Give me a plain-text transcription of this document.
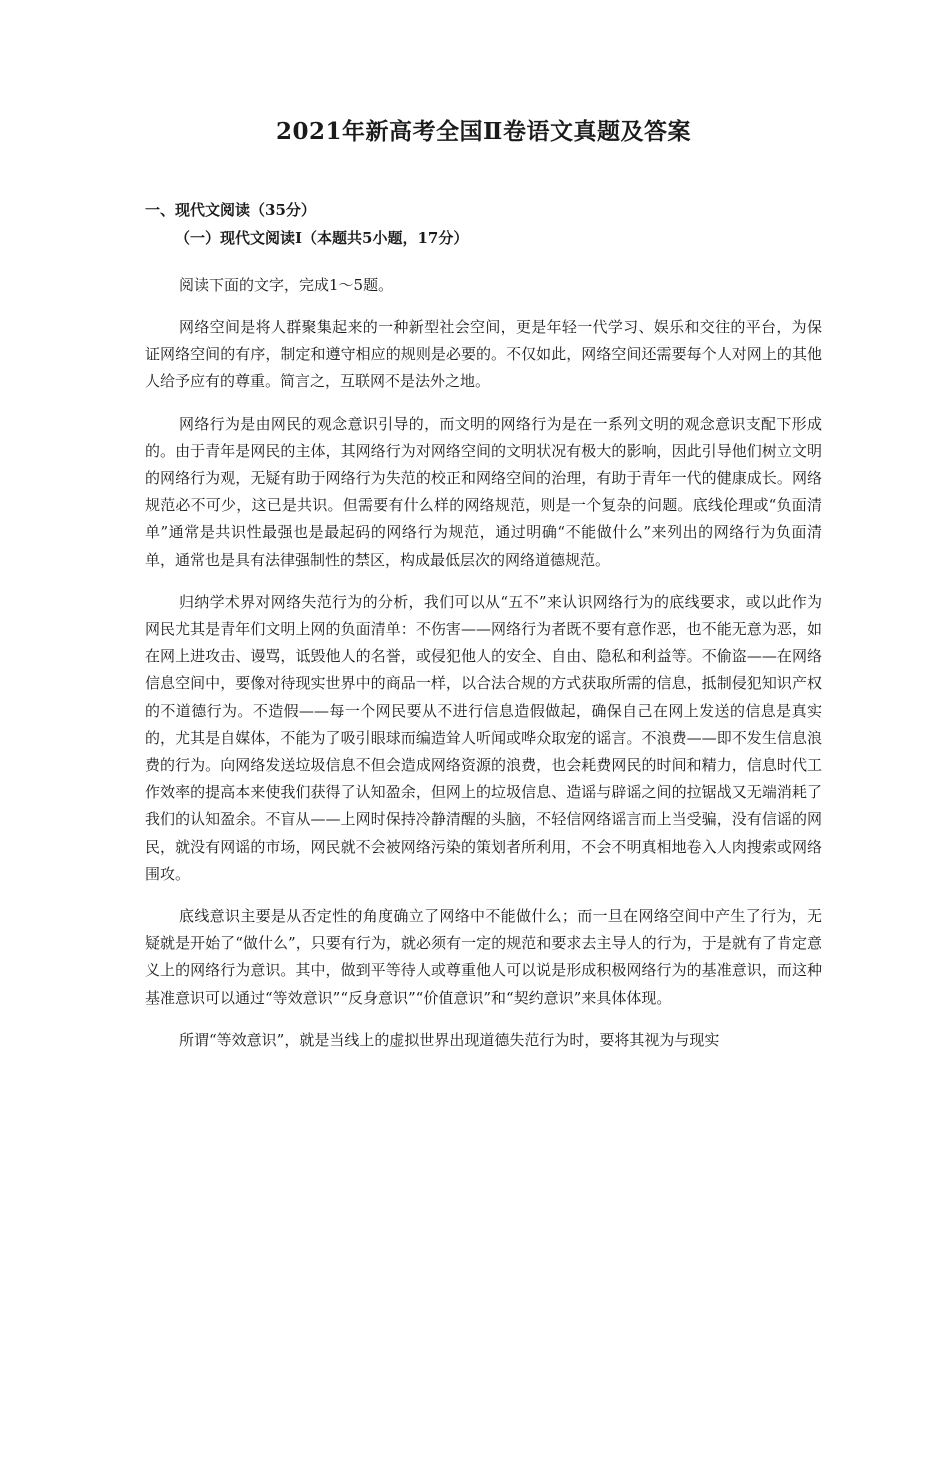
2021年新高考全国Ⅱ卷语文真题及答案
一、现代文阅读（35分）
（一）现代文阅读Ⅰ（本题共5小题，17分）

阅读下面的文字，完成1～5题。

网络空间是将人群聚集起来的一种新型社会空间，更是年轻一代学习、娱乐和交往的平台，为保证网络空间的有序，制定和遵守相应的规则是必要的。不仅如此，网络空间还需要每个人对网上的其他人给予应有的尊重。简言之，互联网不是法外之地。

网络行为是由网民的观念意识引导的，而文明的网络行为是在一系列文明的观念意识支配下形成的。由于青年是网民的主体，其网络行为对网络空间的文明状况有极大的影响，因此引导他们树立文明的网络行为观，无疑有助于网络行为失范的校正和网络空间的治理，有助于青年一代的健康成长。网络规范必不可少，这已是共识。但需要有什么样的网络规范，则是一个复杂的问题。底线伦理或“负面清单”通常是共识性最强也是最起码的网络行为规范，通过明确“不能做什么”来列出的网络行为负面清单，通常也是具有法律强制性的禁区，构成最低层次的网络道德规范。

归纳学术界对网络失范行为的分析，我们可以从“五不”来认识网络行为的底线要求，或以此作为网民尤其是青年们文明上网的负面清单：不伤害——网络行为者既不要有意作恶，也不能无意为恶，如在网上进攻击、谩骂，诋毁他人的名誉，或侵犯他人的安全、自由、隐私和利益等。不偷盗——在网络信息空间中，要像对待现实世界中的商品一样，以合法合规的方式获取所需的信息，抵制侵犯知识产权的不道德行为。不造假——每一个网民要从不进行信息造假做起，确保自己在网上发送的信息是真实的，尤其是自媒体，不能为了吸引眼球而编造耸人听闻或哗众取宠的谣言。不浪费——即不发生信息浪费的行为。向网络发送垃圾信息不但会造成网络资源的浪费，也会耗费网民的时间和精力，信息时代工作效率的提高本来使我们获得了认知盈余，但网上的垃圾信息、造谣与辟谣之间的拉锯战又无端消耗了我们的认知盈余。不盲从——上网时保持冷静清醒的头脑，不轻信网络谣言而上当受骗，没有信谣的网民，就没有网谣的市场，网民就不会被网络污染的策划者所利用，不会不明真相地卷入人肉搜索或网络围攻。

底线意识主要是从否定性的角度确立了网络中不能做什么；而一旦在网络空间中产生了行为，无疑就是开始了“做什么”，只要有行为，就必须有一定的规范和要求去主导人的行为，于是就有了肯定意义上的网络行为意识。其中，做到平等待人或尊重他人可以说是形成积极网络行为的基准意识，而这种基准意识可以通过“等效意识”“反身意识”“价值意识”和“契约意识”来具体体现。

所谓“等效意识”，就是当线上的虚拟世界出现道德失范行为时，要将其视为与现实
